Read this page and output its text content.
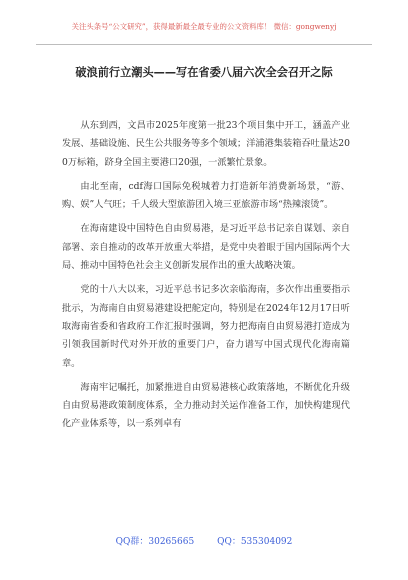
关注头条号“公文研究”，获得最新最全最专业的公文资料库！ 微信：gongwenyj
破浪前行立潮头——写在省委八届六次全会召开之际

从东到西，文昌市2025年度第一批23个项目集中开工，涵盖产业发展、基础设施、民生公共服务等多个领域；洋浦港集装箱吞吐量达200万标箱，跻身全国主要港口20强，一派繁忙景象。

由北至南，cdf海口国际免税城着力打造新年消费新场景，“游、购、娱”人气旺；千人级大型旅游团入境三亚旅游市场“热辣滚烫”。

在海南建设中国特色自由贸易港，是习近平总书记亲自谋划、亲自部署、亲自推动的改革开放重大举措，是党中央着眼于国内国际两个大局、推动中国特色社会主义创新发展作出的重大战略决策。

党的十八大以来，习近平总书记多次亲临海南，多次作出重要指示批示，为海南自由贸易港建设把舵定向，特别是在2024年12月17日听取海南省委和省政府工作汇报时强调，努力把海南自由贸易港打造成为引领我国新时代对外开放的重要门户，奋力谱写中国式现代化海南篇章。

海南牢记嘱托，加紧推进自由贸易港核心政策落地，不断优化升级自由贸易港政策制度体系，全力推动封关运作准备工作，加快构建现代化产业体系等，以一系列卓有

QQ群：30265665	QQ：535304092
